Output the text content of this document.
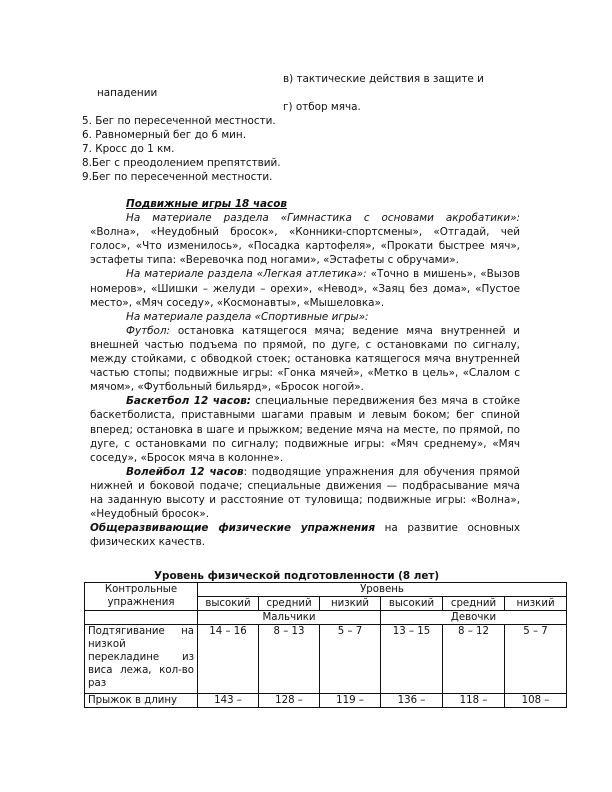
в) тактические действия в защите и
нападении
г) отбор мяча.
5. Бег по пересеченной местности.
6. Равномерный бег до 6 мин.
7. Кросс до 1 км.
8.Бег с преодолением препятствий.
9.Бег по пересеченной местности.

Подвижные игры 18 часов

На материале раздела «Гимнастика с основами акробатики»: «Волна», «Неудобный бросок», «Конники-спортсмены», «Отгадай, чей голос», «Что изменилось», «Посадка картофеля», «Прокати быстрее мяч», эстафеты типа: «Веревочка под ногами», «Эстафеты с обручами».

На материале раздела «Легкая атлетика»: «Точно в мишень», «Вызов номеров», «Шишки – желуди – орехи», «Невод», «Заяц без дома», «Пустое место», «Мяч соседу», «Космонавты», «Мышеловка».

На материале раздела «Спортивные игры»:

Футбол: остановка катящегося мяча; ведение мяча внутренней и внешней частью подъема по прямой, по дуге, с остановками по сигналу, между стойками, с обводкой стоек; остановка катящегося мяча внутренней частью стопы; подвижные игры: «Гонка мячей», «Метко в цель», «Слалом с мячом», «Футбольный бильярд», «Бросок ногой».

Баскетбол 12 часов: специальные передвижения без мяча в стойке баскетболиста, приставными шагами правым и левым боком; бег спиной вперед; остановка в шаге и прыжком; ведение мяча на месте, по прямой, по дуге, с остановками по сигналу; подвижные игры: «Мяч среднему», «Мяч соседу», «Бросок мяча в колонне».

Волейбол 12 часов: подводящие упражнения для обучения прямой нижней и боковой подаче; специальные движения — подбрасывание мяча на заданную высоту и расстояние от туловища; подвижные игры: «Волна», «Неудобный бросок».

Общеразвивающие физические упражнения на развитие основных физических качеств.

Уровень физической подготовленности (8 лет)
Контрольные упражнения	Уровень					
	высокий	средний	низкий	высокий	средний	низкий
	Мальчики			Девочки		
Подтягивание на низкой перекладине из виса лежа, кол-во раз	14 – 16	8 – 13	5 – 7	13 – 15	8 – 12	5 – 7
Прыжок в длину	143 –	128 –	119 –	136 –	118 –	108 –
